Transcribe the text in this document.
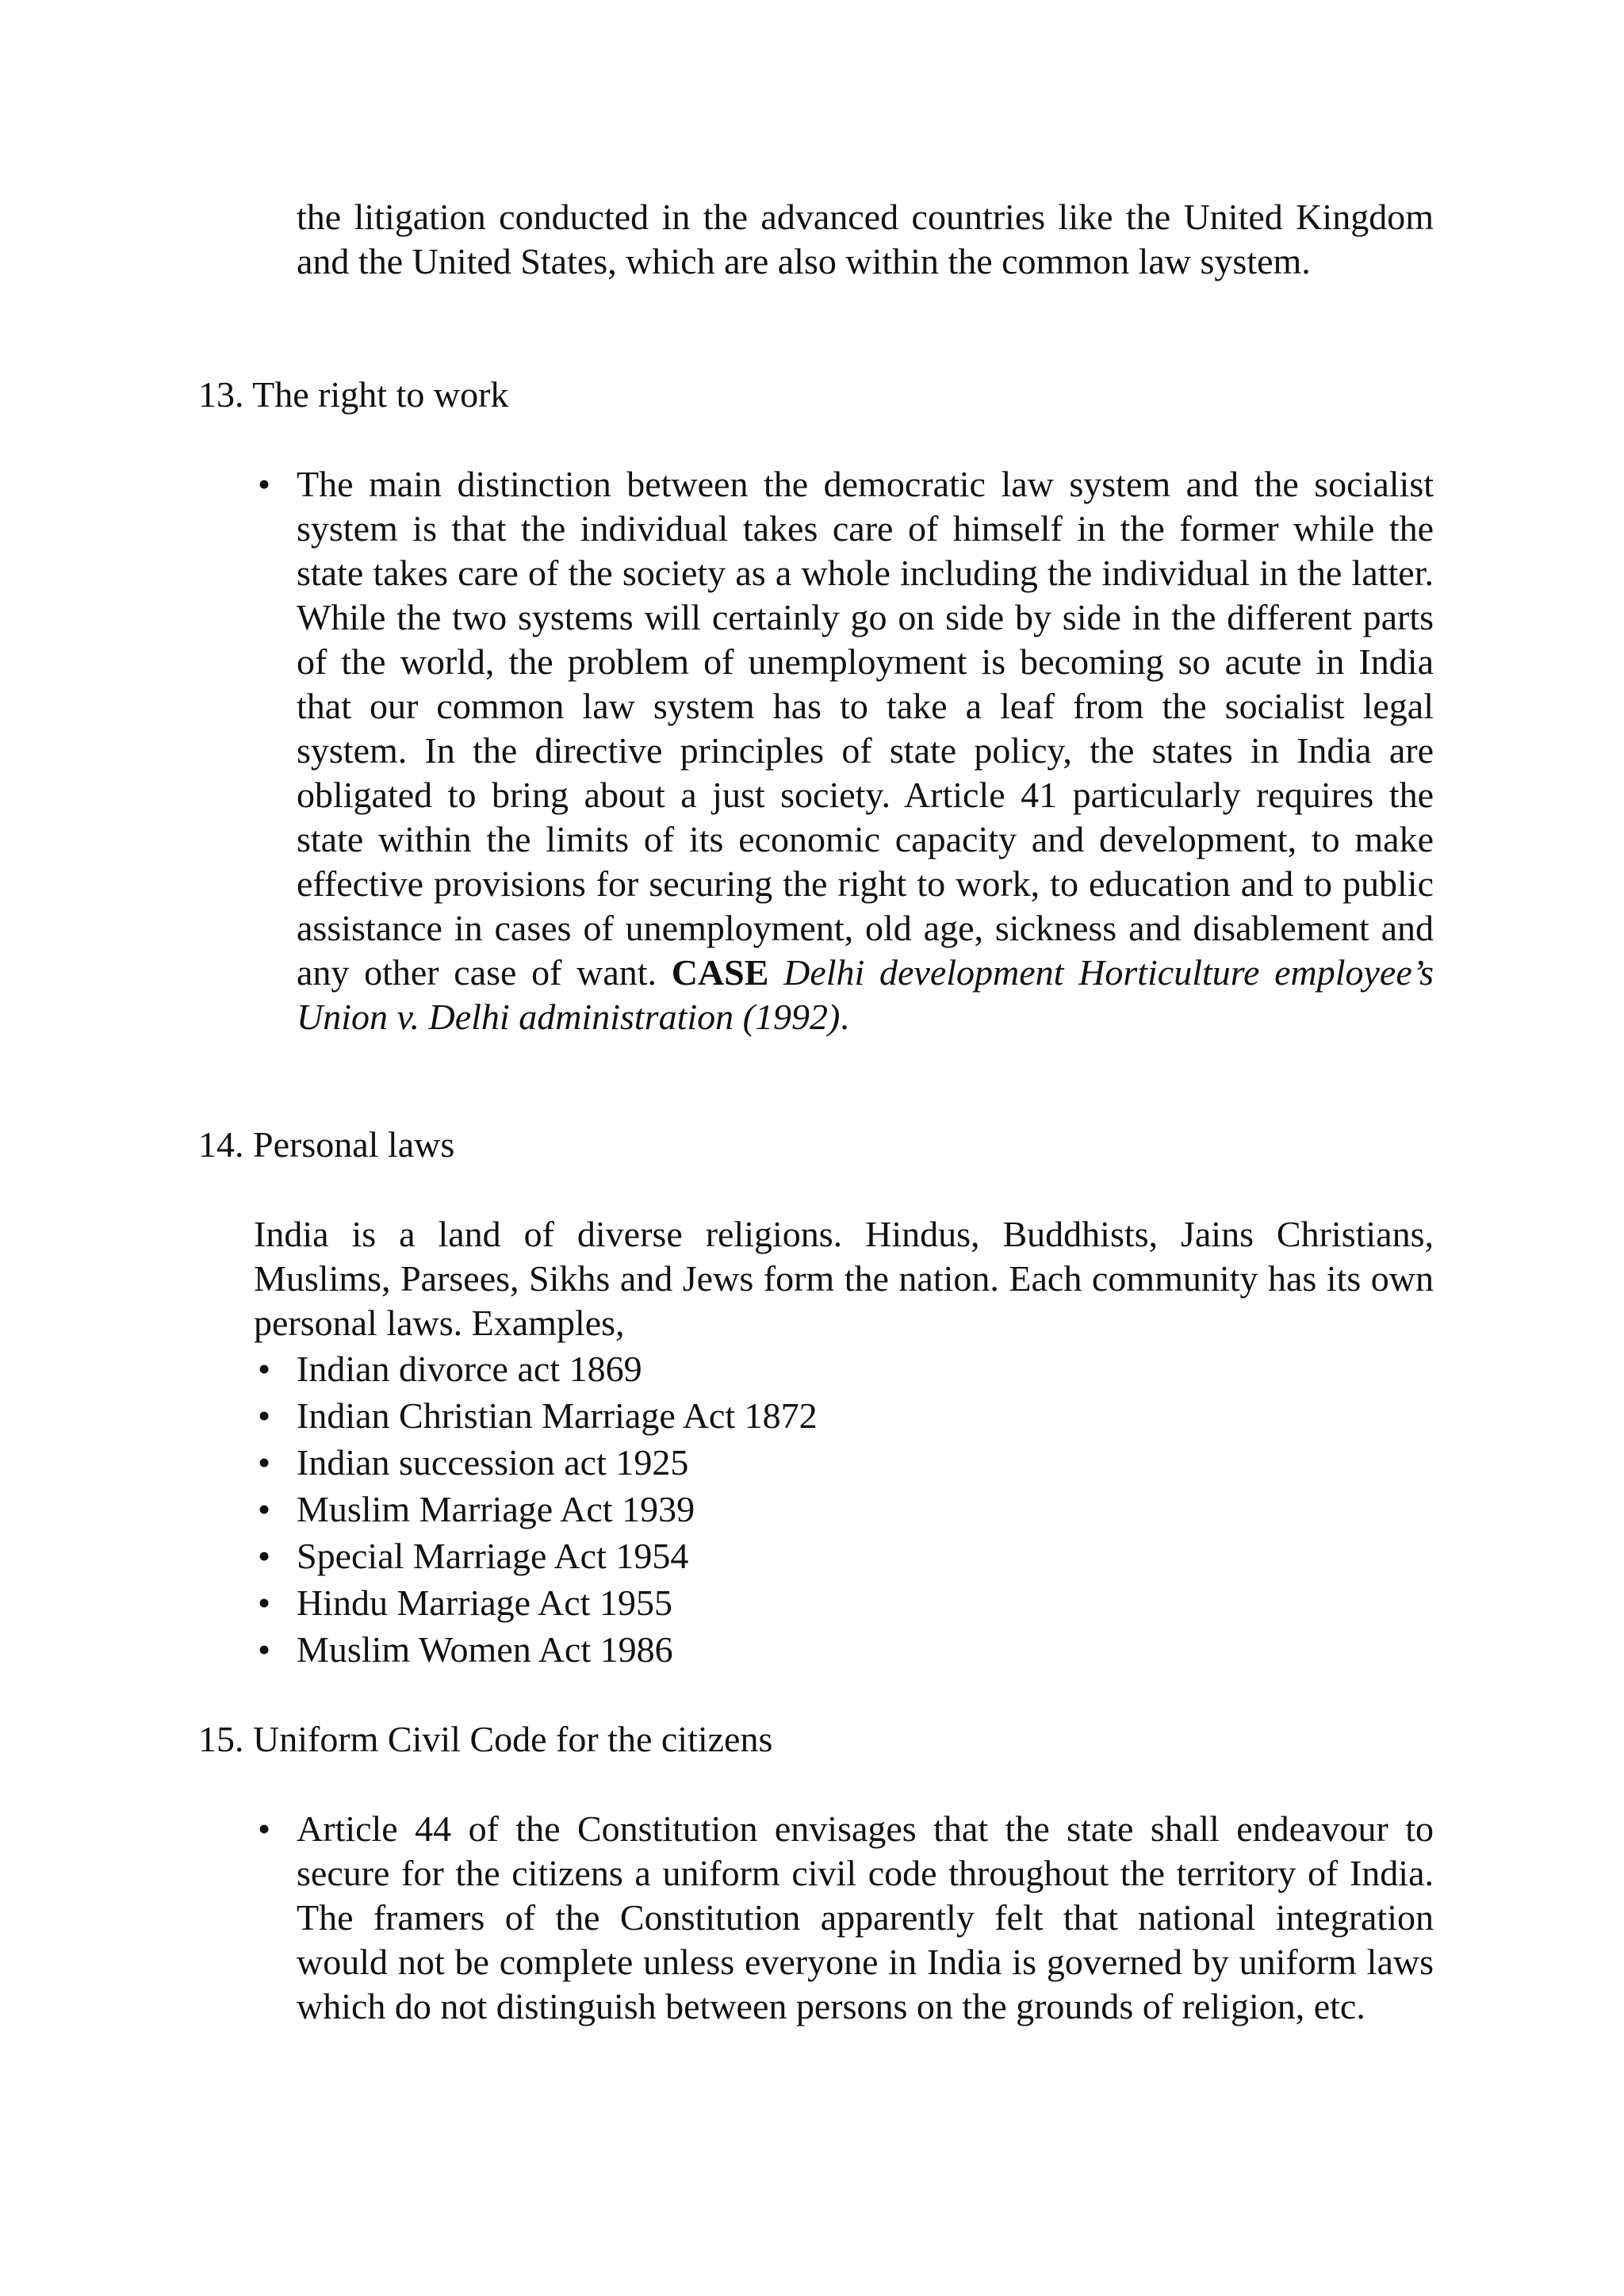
the litigation conducted in the advanced countries like the United Kingdom and the United States, which are also within the common law system.

13. The right to work

• The main distinction between the democratic law system and the socialist system is that the individual takes care of himself in the former while the state takes care of the society as a whole including the individual in the latter. While the two systems will certainly go on side by side in the different parts of the world, the problem of unemployment is becoming so acute in India that our common law system has to take a leaf from the socialist legal system. In the directive principles of state policy, the states in India are obligated to bring about a just society. Article 41 particularly requires the state within the limits of its economic capacity and development, to make effective provisions for securing the right to work, to education and to public assistance in cases of unemployment, old age, sickness and disablement and any other case of want. CASE Delhi development Horticulture employee’s Union v. Delhi administration (1992).

14. Personal laws

India is a land of diverse religions. Hindus, Buddhists, Jains Christians, Muslims, Parsees, Sikhs and Jews form the nation. Each community has its own personal laws. Examples,

• Indian divorce act 1869
• Indian Christian Marriage Act 1872
• Indian succession act 1925
• Muslim Marriage Act 1939
• Special Marriage Act 1954
• Hindu Marriage Act 1955
• Muslim Women Act 1986

15. Uniform Civil Code for the citizens

• Article 44 of the Constitution envisages that the state shall endeavour to secure for the citizens a uniform civil code throughout the territory of India. The framers of the Constitution apparently felt that national integration would not be complete unless everyone in India is governed by uniform laws which do not distinguish between persons on the grounds of religion, etc.
